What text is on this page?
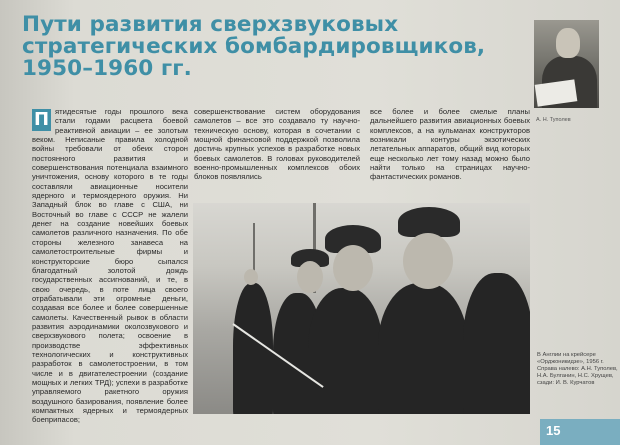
Пути развития сверхзвуковых
стратегических бомбардировщиков,
1950–1960 гг.
А. Н. Туполев
П ятидесятые годы прошлого века стали годами расцвета боевой реактивной авиации – ее золотым веком. Неписаные правила холодной войны требовали от обеих сторон постоянного развития и совершенствования потенциала взаимного уничтожения, основу которого в те годы составляли авиационные носители ядерного и термоядерного оружия. Ни Западный блок во главе с США, ни Восточный во главе с СССР не жалели денег на создание новейших боевых самолетов различного назначения. По обе стороны железного занавеса на самолетостроительные фирмы и конструкторские бюро сыпался благодатный золотой дождь государственных ассигнований, и те, в свою очередь, в поте лица своего отрабатывали эти огромные деньги, создавая все более и более совершенные самолеты. Качественный рывок в области развития аэродинамики околозвукового и сверхзвукового полета; освоение в производстве эффективных технологических и конструктивных разработок в самолетостроении, в том числе и в двигателестроении (создание мощных и легких ТРД); успехи в разработке управляемого ракетного оружия воздушного базирования, появление более компактных ядерных и термоядерных боеприпасов;

совершенствование систем оборудования самолетов – все это создавало ту научно-техническую основу, которая в сочетании с мощной финансовой поддержкой позволила достичь крупных успехов в разработке новых боевых самолетов. В головах руководителей военно-промышленных комплексов обоих блоков появлялись

все более и более смелые планы дальнейшего развития авиационных боевых комплексов, а на кульманах конструкторов возникали контуры экзотических летательных аппаратов, общий вид которых еще несколько лет тому назад можно было найти только на страницах научно-фантастических романов.

В Англии на крейсере «Орджоникидзе», 1956 г. Справа налево: А.Н. Туполев, Н.А. Булганин, Н.С. Хрущев, сзади: И. В. Курчатов
15
